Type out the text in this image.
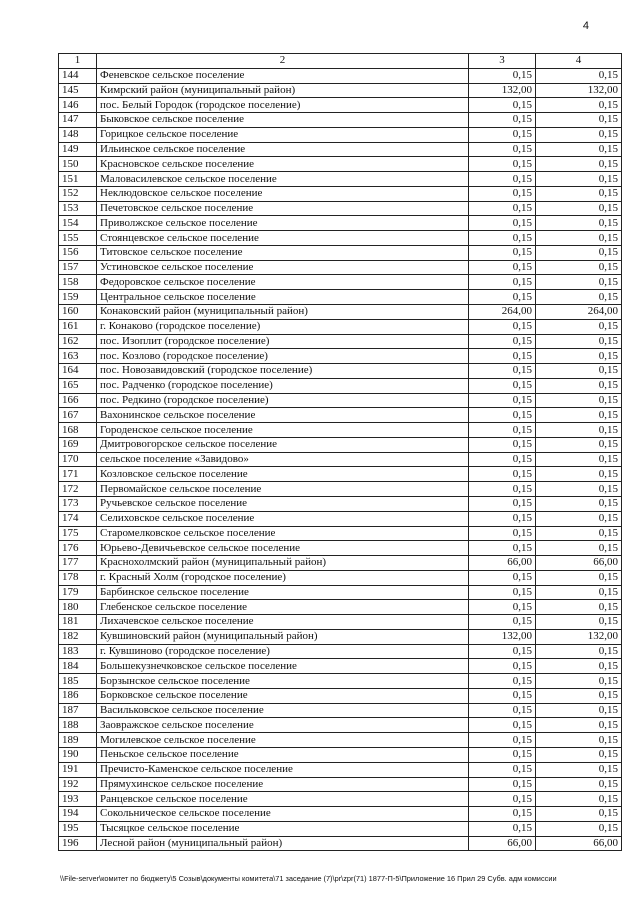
4
1	2	3	4
144	Феневское сельское поселение	0,15	0,15
145	Кимрский район (муниципальный район)	132,00	132,00
146	пос. Белый Городок (городское поселение)	0,15	0,15
147	Быковское сельское поселение	0,15	0,15
148	Горицкое сельское поселение	0,15	0,15
149	Ильинское сельское поселение	0,15	0,15
150	Красновское сельское поселение	0,15	0,15
151	Маловасилевское сельское поселение	0,15	0,15
152	Неклюдовское сельское поселение	0,15	0,15
153	Печетовское сельское поселение	0,15	0,15
154	Приволжское сельское поселение	0,15	0,15
155	Стоянцевское сельское поселение	0,15	0,15
156	Титовское сельское поселение	0,15	0,15
157	Устиновское сельское поселение	0,15	0,15
158	Федоровское сельское поселение	0,15	0,15
159	Центральное сельское поселение	0,15	0,15
160	Конаковский район (муниципальный район)	264,00	264,00
161	г. Конаково (городское поселение)	0,15	0,15
162	пос. Изоплит (городское поселение)	0,15	0,15
163	пос. Козлово (городское поселение)	0,15	0,15
164	пос. Новозавидовский (городское поселение)	0,15	0,15
165	пос. Радченко (городское поселение)	0,15	0,15
166	пос. Редкино (городское поселение)	0,15	0,15
167	Вахонинское сельское поселение	0,15	0,15
168	Городенское сельское поселение	0,15	0,15
169	Дмитровогорское сельское поселение	0,15	0,15
170	сельское поселение «Завидово»	0,15	0,15
171	Козловское сельское поселение	0,15	0,15
172	Первомайское сельское поселение	0,15	0,15
173	Ручьевское сельское поселение	0,15	0,15
174	Селиховское сельское поселение	0,15	0,15
175	Старомелковское сельское поселение	0,15	0,15
176	Юрьево-Девичьевское сельское поселение	0,15	0,15
177	Краснохолмский район (муниципальный район)	66,00	66,00
178	г. Красный Холм (городское поселение)	0,15	0,15
179	Барбинское сельское поселение	0,15	0,15
180	Глебенское сельское поселение	0,15	0,15
181	Лихачевское сельское поселение	0,15	0,15
182	Кувшиновский район (муниципальный район)	132,00	132,00
183	г. Кувшиново (городское поселение)	0,15	0,15
184	Большекузнечковское сельское поселение	0,15	0,15
185	Борзынское сельское поселение	0,15	0,15
186	Борковское сельское поселение	0,15	0,15
187	Васильковское сельское поселение	0,15	0,15
188	Заовражское сельское поселение	0,15	0,15
189	Могилевское сельское поселение	0,15	0,15
190	Пеньское сельское поселение	0,15	0,15
191	Пречисто-Каменское сельское поселение	0,15	0,15
192	Прямухинское сельское поселение	0,15	0,15
193	Ранцевское сельское поселение	0,15	0,15
194	Сокольническое сельское поселение	0,15	0,15
195	Тысяцкое сельское поселение	0,15	0,15
196	Лесной район (муниципальный район)	66,00	66,00
\\File-server\комитет по бюджету\5 Созыв\документы комитета\71 заседание (7)\pr\zpr(71) 1877-П-5\Приложение 16 Прил 29 Субв. адм комиссии
